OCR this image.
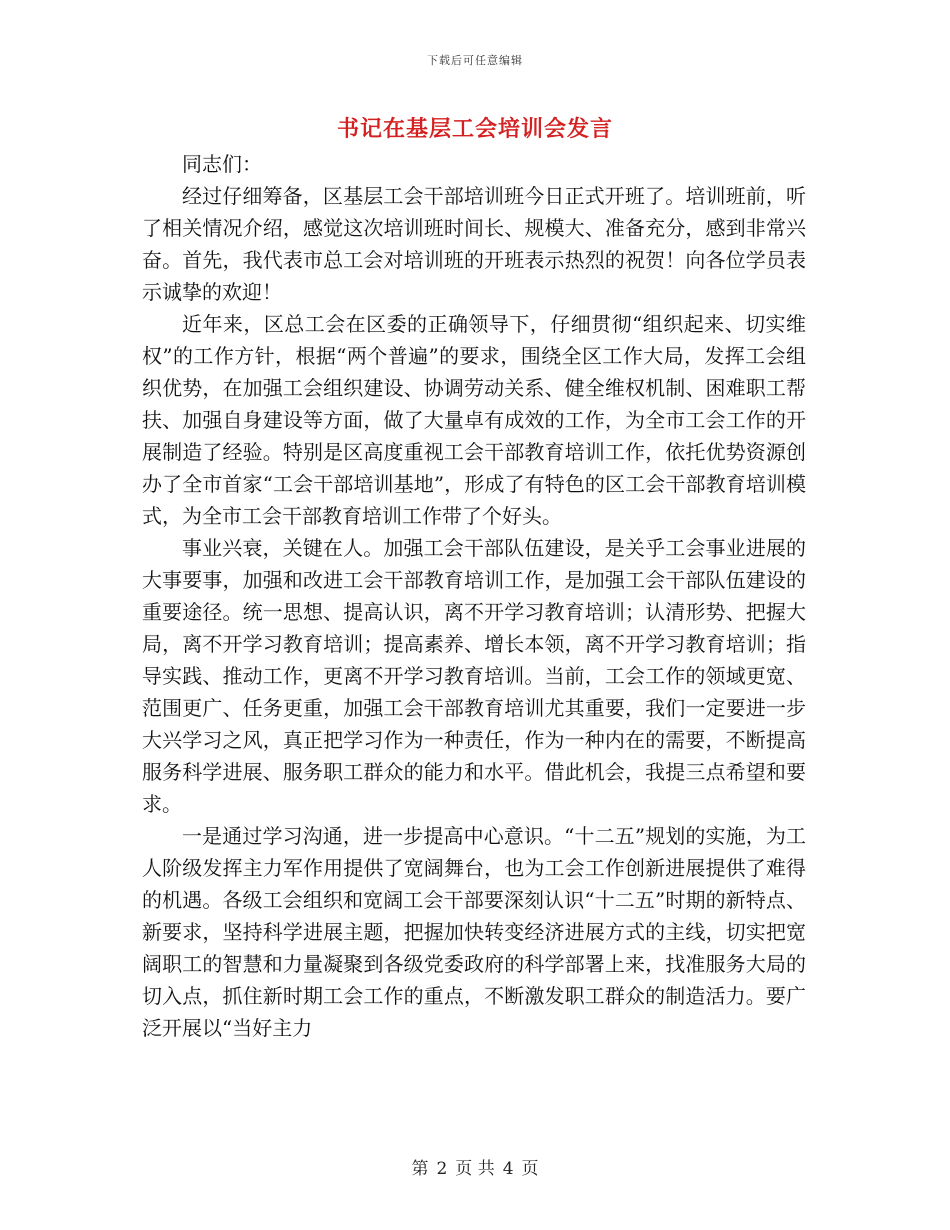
下载后可任意编辑
书记在基层工会培训会发言

同志们：

经过仔细筹备，区基层工会干部培训班今日正式开班了。培训班前，听了相关情况介绍，感觉这次培训班时间长、规模大、准备充分，感到非常兴奋。首先，我代表市总工会对培训班的开班表示热烈的祝贺！向各位学员表示诚挚的欢迎！

近年来，区总工会在区委的正确领导下，仔细贯彻“组织起来、切实维权”的工作方针，根据“两个普遍”的要求，围绕全区工作大局，发挥工会组织优势，在加强工会组织建设、协调劳动关系、健全维权机制、困难职工帮扶、加强自身建设等方面，做了大量卓有成效的工作，为全市工会工作的开展制造了经验。特别是区高度重视工会干部教育培训工作，依托优势资源创办了全市首家“工会干部培训基地”，形成了有特色的区工会干部教育培训模式，为全市工会干部教育培训工作带了个好头。

事业兴衰，关键在人。加强工会干部队伍建设，是关乎工会事业进展的大事要事，加强和改进工会干部教育培训工作，是加强工会干部队伍建设的重要途径。统一思想、提高认识，离不开学习教育培训；认清形势、把握大局，离不开学习教育培训；提高素养、增长本领，离不开学习教育培训；指导实践、推动工作，更离不开学习教育培训。当前，工会工作的领域更宽、范围更广、任务更重，加强工会干部教育培训尤其重要，我们一定要进一步大兴学习之风，真正把学习作为一种责任，作为一种内在的需要，不断提高服务科学进展、服务职工群众的能力和水平。借此机会，我提三点希望和要求。

一是通过学习沟通，进一步提高中心意识。“十二五”规划的实施，为工人阶级发挥主力军作用提供了宽阔舞台，也为工会工作创新进展提供了难得的机遇。各级工会组织和宽阔工会干部要深刻认识“十二五”时期的新特点、新要求，坚持科学进展主题，把握加快转变经济进展方式的主线，切实把宽阔职工的智慧和力量凝聚到各级党委政府的科学部署上来，找准服务大局的切入点，抓住新时期工会工作的重点，不断激发职工群众的制造活力。要广泛开展以“当好主力

第 2 页 共 4 页
